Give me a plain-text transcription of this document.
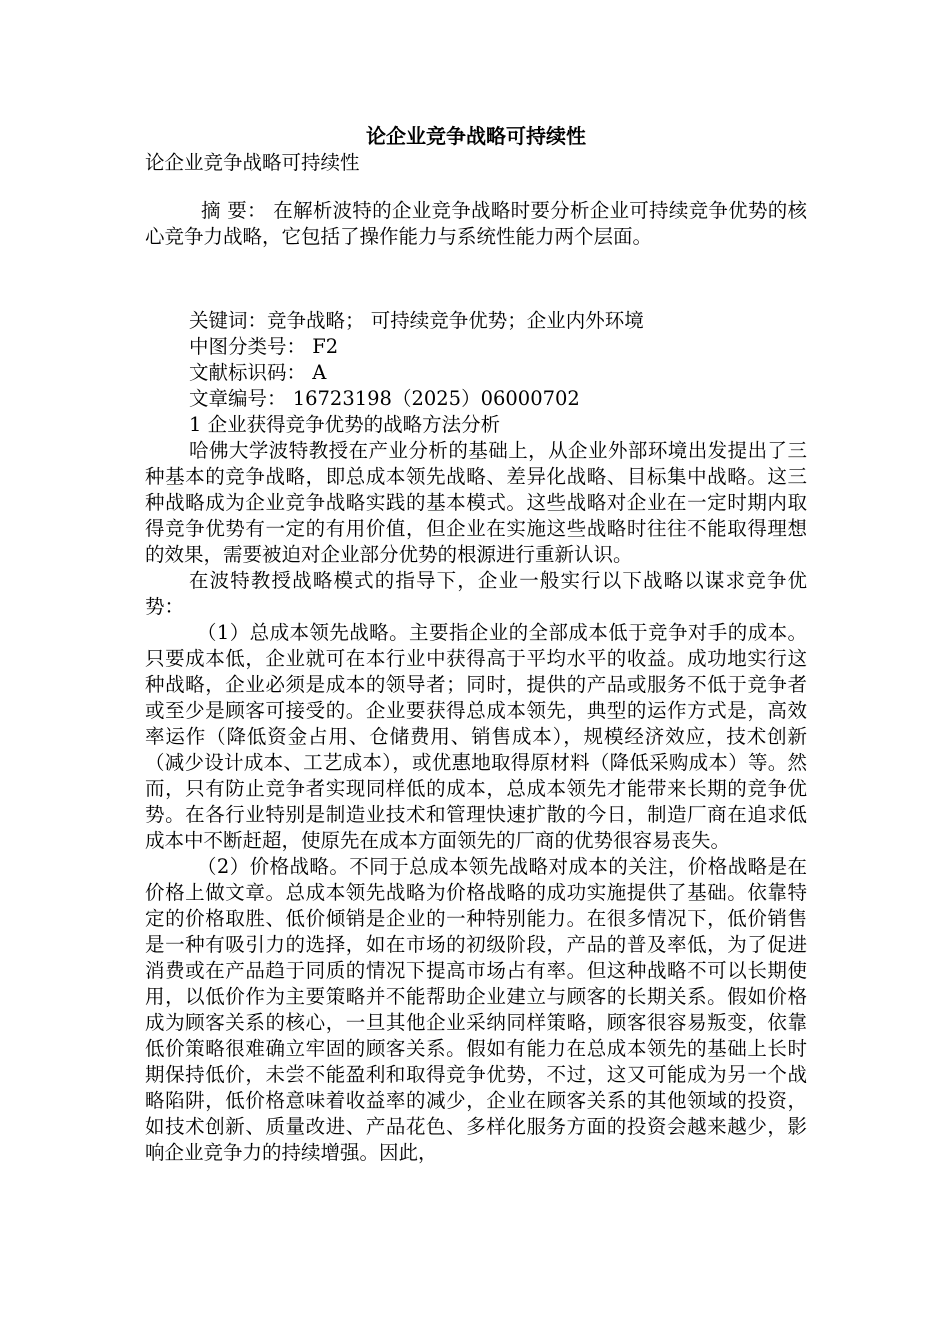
论企业竞争战略可持续性

论企业竞争战略可持续性

摘 要： 在解析波特的企业竞争战略时要分析企业可持续竞争优势的核心竞争力战略，它包括了操作能力与系统性能力两个层面。

关键词：竞争战略； 可持续竞争优势；企业内外环境
中图分类号： F2
文献标识码： A
文章编号： 16723198（2025）06000702

1 企业获得竞争优势的战略方法分析

哈佛大学波特教授在产业分析的基础上，从企业外部环境出发提出了三种基本的竞争战略，即总成本领先战略、差异化战略、目标集中战略。这三种战略成为企业竞争战略实践的基本模式。这些战略对企业在一定时期内取得竞争优势有一定的有用价值，但企业在实施这些战略时往往不能取得理想的效果，需要被迫对企业部分优势的根源进行重新认识。

在波特教授战略模式的指导下，企业一般实行以下战略以谋求竞争优势：

（1）总成本领先战略。主要指企业的全部成本低于竞争对手的成本。只要成本低，企业就可在本行业中获得高于平均水平的收益。成功地实行这种战略，企业必须是成本的领导者；同时，提供的产品或服务不低于竞争者或至少是顾客可接受的。企业要获得总成本领先，典型的运作方式是，高效率运作（降低资金占用、仓储费用、销售成本），规模经济效应，技术创新（减少设计成本、工艺成本），或优惠地取得原材料（降低采购成本）等。然而，只有防止竞争者实现同样低的成本，总成本领先才能带来长期的竞争优势。在各行业特别是制造业技术和管理快速扩散的今日，制造厂商在追求低成本中不断赶超，使原先在成本方面领先的厂商的优势很容易丧失。

（2）价格战略。不同于总成本领先战略对成本的关注，价格战略是在价格上做文章。总成本领先战略为价格战略的成功实施提供了基础。依靠特定的价格取胜、低价倾销是企业的一种特别能力。在很多情况下，低价销售是一种有吸引力的选择，如在市场的初级阶段，产品的普及率低，为了促进消费或在产品趋于同质的情况下提高市场占有率。但这种战略不可以长期使用，以低价作为主要策略并不能帮助企业建立与顾客的长期关系。假如价格成为顾客关系的核心，一旦其他企业采纳同样策略，顾客很容易叛变，依靠低价策略很难确立牢固的顾客关系。假如有能力在总成本领先的基础上长时期保持低价，未尝不能盈利和取得竞争优势，不过，这又可能成为另一个战略陷阱，低价格意味着收益率的减少，企业在顾客关系的其他领域的投资，如技术创新、质量改进、产品花色、多样化服务方面的投资会越来越少，影响企业竞争力的持续增强。因此，
